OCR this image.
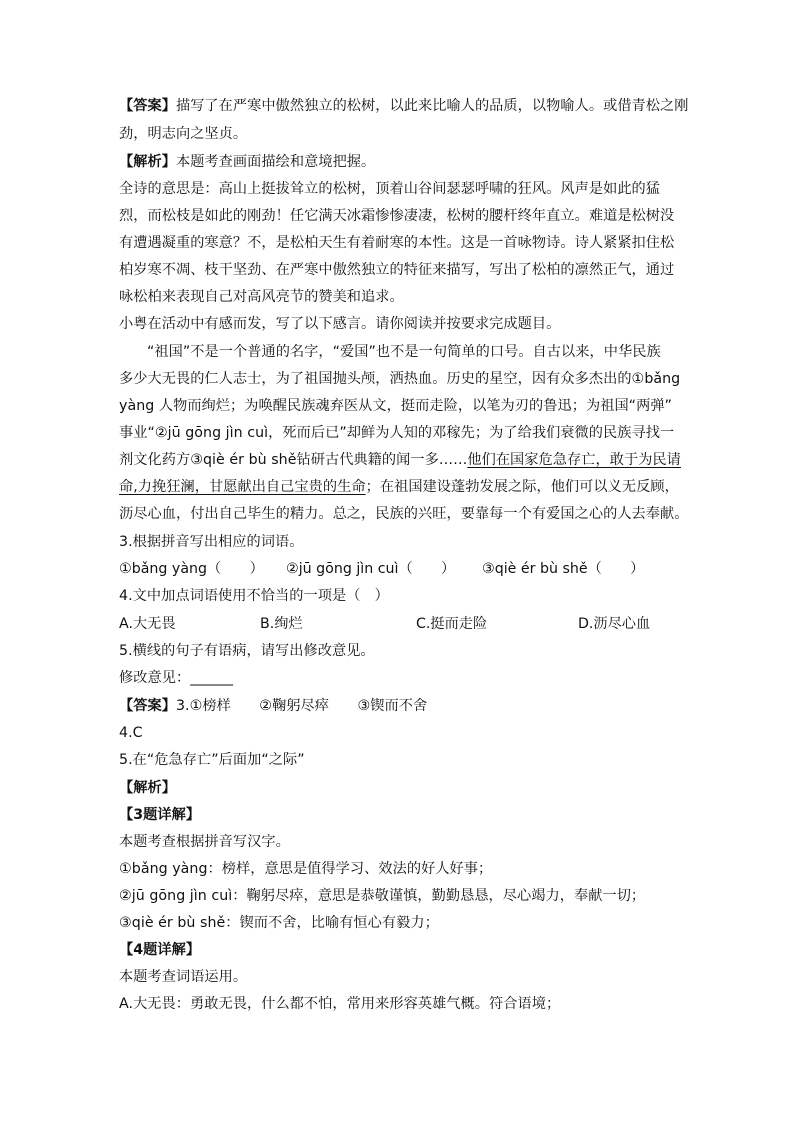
【答案】描写了在严寒中傲然独立的松树，以此来比喻人的品质，以物喻人。或借青松之刚
劲，明志向之坚贞。
【解析】本题考查画面描绘和意境把握。
全诗的意思是：高山上挺拔耸立的松树，顶着山谷间瑟瑟呼啸的狂风。风声是如此的猛
烈，而松枝是如此的刚劲！任它满天冰霜惨惨凄凄，松树的腰杆终年直立。难道是松树没
有遭遇凝重的寒意？不，是松柏天生有着耐寒的本性。这是一首咏物诗。诗人紧紧扣住松
柏岁寒不凋、枝干坚劲、在严寒中傲然独立的特征来描写，写出了松柏的凛然正气，通过
咏松柏来表现自己对高风亮节的赞美和追求。
小粤在活动中有感而发，写了以下感言。请你阅读并按要求完成题目。
“祖国”不是一个普通的名字，“爱国”也不是一句简单的口号。自古以来，中华民族
多少大无畏的仁人志士，为了祖国抛头颅，洒热血。历史的星空，因有众多杰出的①bǎng
yàng 人物而绚烂；为唤醒民族魂弃医从文，挺而走险，以笔为刃的鲁迅；为祖国“两弹”
事业“②jū gōng jìn cuì，死而后已”却鲜为人知的邓稼先；为了给我们衰微的民族寻找一
剂文化药方③qiè ér bù shě钻研古代典籍的闻一多……他们在国家危急存亡，敢于为民请
命,力挽狂澜，甘愿献出自己宝贵的生命；在祖国建设蓬勃发展之际，他们可以义无反顾，
沥尽心血，付出自己毕生的精力。总之，民族的兴旺，要靠每一个有爱国之心的人去奉献。
3.根据拼音写出相应的词语。
①bǎng yàng（　　） ②jū gōng jìn cuì（　　） ③qiè ér bù shě（　　）
4.文中加点词语使用不恰当的一项是（　）
A.大无畏	B.绚烂	C.挺而走险	D.沥尽心血
5.横线的句子有语病，请写出修改意见。
修改意见：______
【答案】3.①榜样　　②鞠躬尽瘁　　③锲而不舍
4.C
5.在“危急存亡”后面加“之际”
【解析】
【3题详解】
本题考查根据拼音写汉字。
①bǎng yàng：榜样，意思是值得学习、效法的好人好事；
②jū gōng jìn cuì：鞠躬尽瘁，意思是恭敬谨慎，勤勤恳恳，尽心竭力，奉献一切；
③qiè ér bù shě：锲而不舍，比喻有恒心有毅力；
【4题详解】
本题考查词语运用。
A.大无畏：勇敢无畏，什么都不怕，常用来形容英雄气概。符合语境；
